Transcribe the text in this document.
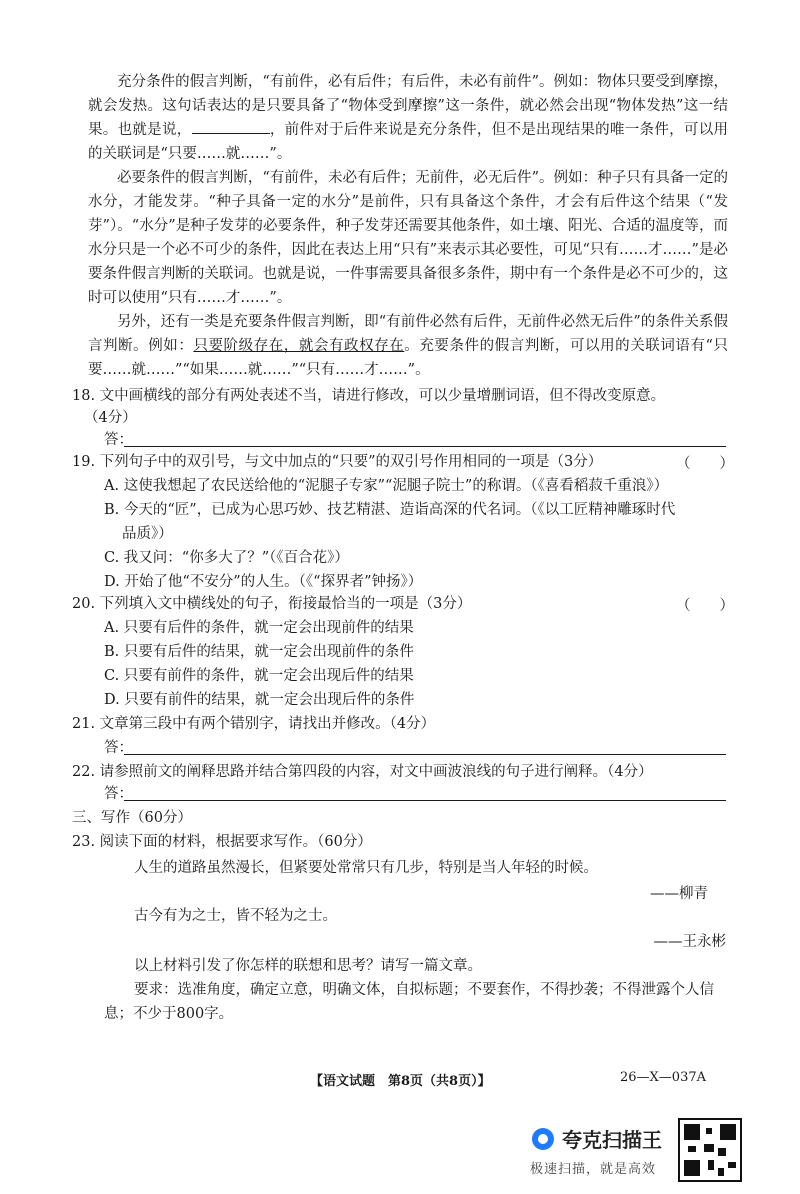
充分条件的假言判断，“有前件，必有后件；有后件，未必有前件”。例如：物体只要受到摩擦，就会发热。这句话表达的是只要具备了“物体受到摩擦”这一条件，就必然会出现“物体发热”这一结果。也就是说，	，前件对于后件来说是充分条件，但不是出现结果的唯一条件，可以用的关联词是“只要……就……”。

必要条件的假言判断，“有前件，未必有后件；无前件，必无后件”。例如：种子只有具备一定的水分，才能发芽。“种子具备一定的水分”是前件，只有具备这个条件，才会有后件这个结果（“发芽”）。“水分”是种子发芽的必要条件，种子发芽还需要其他条件，如土壤、阳光、合适的温度等，而水分只是一个必不可少的条件，因此在表达上用“只有”来表示其必要性，可见“只有……才……”是必要条件假言判断的关联词。也就是说，一件事需要具备很多条件，期中有一个条件是必不可少的，这时可以使用“只有……才……”。

另外，还有一类是充要条件假言判断，即“有前件必然有后件，无前件必然无后件”的条件关系假言判断。例如：只要阶级存在，就会有政权存在。充要条件的假言判断，可以用的关联词语有“只要……就……”“如果……就……”“只有……才……”。

18. 文中画横线的部分有两处表述不当，请进行修改，可以少量增删词语，但不得改变原意。
（4分）
答：
19. 下列句子中的双引号，与文中加点的“只要”的双引号作用相同的一项是（3分）	（　　）
A. 这使我想起了农民送给他的“泥腿子专家”“泥腿子院士”的称谓。（《喜看稻菽千重浪》）
B. 今天的“匠”，已成为心思巧妙、技艺精湛、造诣高深的代名词。（《以工匠精神雕琢时代
品质》）
C. 我又问：“你多大了？”（《百合花》）
D. 开始了他“不安分”的人生。（《“探界者”钟扬》）
20. 下列填入文中横线处的句子，衔接最恰当的一项是（3分）	（　　）
A. 只要有后件的条件，就一定会出现前件的结果
B. 只要有后件的结果，就一定会出现前件的条件
C. 只要有前件的条件，就一定会出现后件的结果
D. 只要有前件的结果，就一定会出现后件的条件
21. 文章第三段中有两个错别字，请找出并修改。（4分）
答：
22. 请参照前文的阐释思路并结合第四段的内容，对文中画波浪线的句子进行阐释。（4分）
答：
三、写作（60分）
23. 阅读下面的材料，根据要求写作。（60分）
人生的道路虽然漫长，但紧要处常常只有几步，特别是当人年轻的时候。
——柳青
古今有为之士，皆不轻为之士。
——王永彬
以上材料引发了你怎样的联想和思考？请写一篇文章。
要求：选准角度，确定立意，明确文体，自拟标题；不要套作，不得抄袭；不得泄露个人信
息；不少于800字。
【语文试题　第8页（共8页）】	26—X—037A
夸克扫描王
极速扫描，就是高效
